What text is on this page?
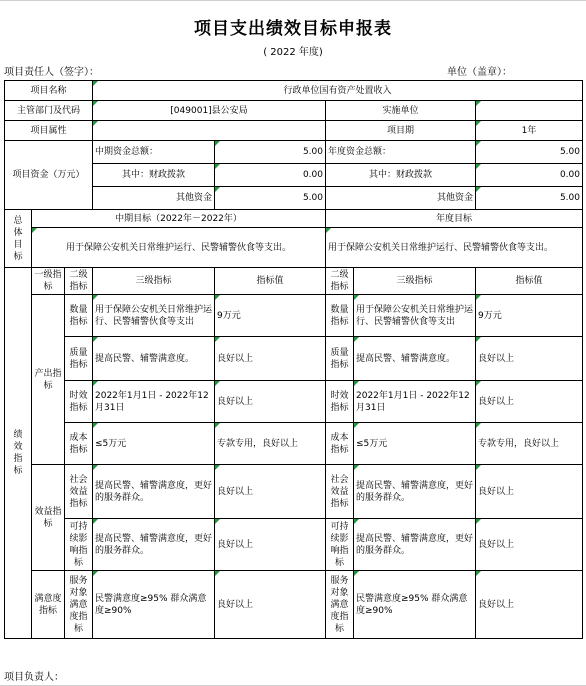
项目支出绩效目标申报表
( 2022 年度)
项目责任人（签字）：	单位（盖章）：
项目名称			行政单位国有资产处置收入				
主管部门及代码			[049001]县公安局		实施单位		
项目属性					项目期		1年
项目资金（万元）			中期资金总额：	5.00	年度资金总额：		5.00
			其中：财政拨款	0.00	其中：财政拨款		0.00
			其他资金	5.00	其他资金		5.00
总体目标	中期目标（2022年－2022年）				年度目标		
	用于保障公安机关日常维护运行、民警辅警伙食等支出。				用于保障公安机关日常维护运行、民警辅警伙食等支出。		
绩效指标	一级指标	二级指标	三级指标	指标值	二级指标	三级指标	指标值
	产出指标	数量指标	用于保障公安机关日常维护运行、民警辅警伙食等支出	9万元	数量指标	用于保障公安机关日常维护运行、民警辅警伙食等支出	9万元
		质量指标	提高民警、辅警满意度。	良好以上	质量指标	提高民警、辅警满意度。	良好以上
		时效指标	2022年1月1日 - 2022年12月31日	良好以上	时效指标	2022年1月1日 - 2022年12月31日	良好以上
		成本指标	≤5万元	专款专用，良好以上	成本指标	≤5万元	专款专用，良好以上
	效益指标	社会效益指标	提高民警、辅警满意度，更好的服务群众。	良好以上	社会效益指标	提高民警、辅警满意度，更好的服务群众。	良好以上
		可持续影响指标	提高民警、辅警满意度，更好的服务群众。	良好以上	可持续影响指标	提高民警、辅警满意度，更好的服务群众。	良好以上
	满意度指标	服务对象满意度指标	民警满意度≥95% 群众满意度≥90%	良好以上	服务对象满意度指标	民警满意度≥95% 群众满意度≥90%	良好以上
项目负责人：
